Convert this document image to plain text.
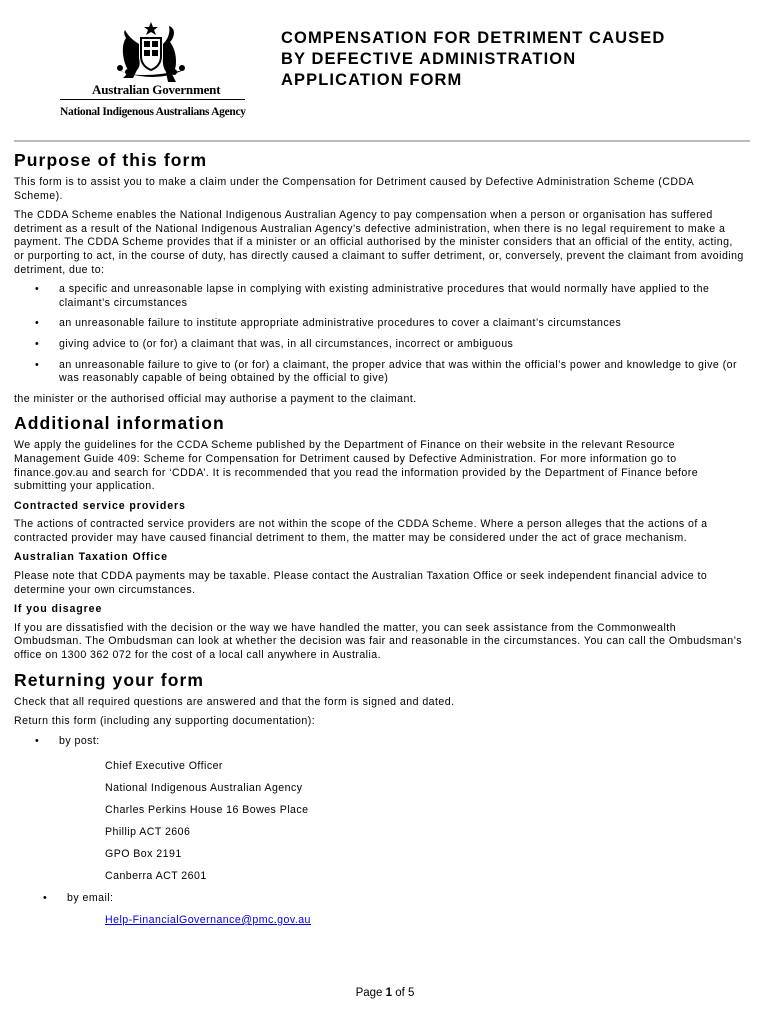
Australian Government
National Indigenous Australians Agency
COMPENSATION FOR DETRIMENT CAUSED
BY DEFECTIVE ADMINISTRATION
APPLICATION FORM
Purpose of this form

This form is to assist you to make a claim under the Compensation for Detriment caused by Defective Administration Scheme (CDDA Scheme).

The CDDA Scheme enables the National Indigenous Australian Agency to pay compensation when a person or organisation has suffered detriment as a result of the National Indigenous Australian Agency’s defective administration, when there is no legal requirement to make a payment. The CDDA Scheme provides that if a minister or an official authorised by the minister considers that an official of the entity, acting, or purporting to act, in the course of duty, has directly caused a claimant to suffer detriment, or, conversely, prevent the claimant from avoiding detriment, due to:

• a specific and unreasonable lapse in complying with existing administrative procedures that would normally have applied to the claimant’s circumstances
• an unreasonable failure to institute appropriate administrative procedures to cover a claimant’s circumstances
• giving advice to (or for) a claimant that was, in all circumstances, incorrect or ambiguous
• an unreasonable failure to give to (or for) a claimant, the proper advice that was within the official’s power and knowledge to give (or was reasonably capable of being obtained by the official to give)

the minister or the authorised official may authorise a payment to the claimant.

Additional information

We apply the guidelines for the CCDA Scheme published by the Department of Finance on their website in the relevant Resource Management Guide 409: Scheme for Compensation for Detriment caused by Defective Administration. For more information go to finance.gov.au and search for ‘CDDA’. It is recommended that you read the information provided by the Department of Finance before submitting your application.

Contracted service providers

The actions of contracted service providers are not within the scope of the CDDA Scheme. Where a person alleges that the actions of a contracted provider may have caused financial detriment to them, the matter may be considered under the act of grace mechanism.

Australian Taxation Office

Please note that CDDA payments may be taxable. Please contact the Australian Taxation Office or seek independent financial advice to determine your own circumstances.

If you disagree

If you are dissatisfied with the decision or the way we have handled the matter, you can seek assistance from the Commonwealth Ombudsman. The Ombudsman can look at whether the decision was fair and reasonable in the circumstances. You can call the Ombudsman’s office on 1300 362 072 for the cost of a local call anywhere in Australia.

Returning your form

Check that all required questions are answered and that the form is signed and dated.

Return this form (including any supporting documentation):

• by post:
Chief Executive Officer
National Indigenous Australian Agency
Charles Perkins House 16 Bowes Place
Phillip ACT 2606
GPO Box 2191
Canberra ACT 2601
• by email:
Help-FinancialGovernance@pmc.gov.au
Page 1 of 5
